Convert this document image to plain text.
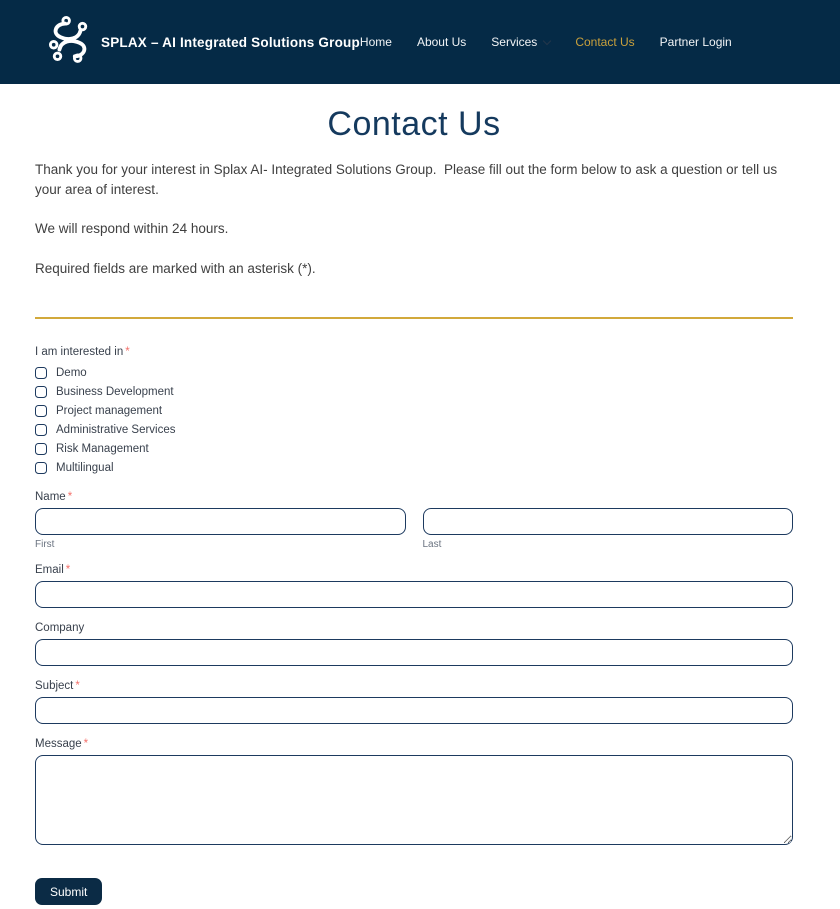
SPLAX – AI Integrated Solutions Group Home About Us Services	Contact Us Partner Login
Contact Us

Thank you for your interest in Splax AI- Integrated Solutions Group.  Please fill out the form below to ask a question or tell us your area of interest.

We will respond within 24 hours.

Required fields are marked with an asterisk (*).

I am interested in *
Demo
Business Development
Project management
Administrative Services
Risk Management
Multilingual
Name *
First	Last
Email *
Company
Subject *
Message *
Submit
